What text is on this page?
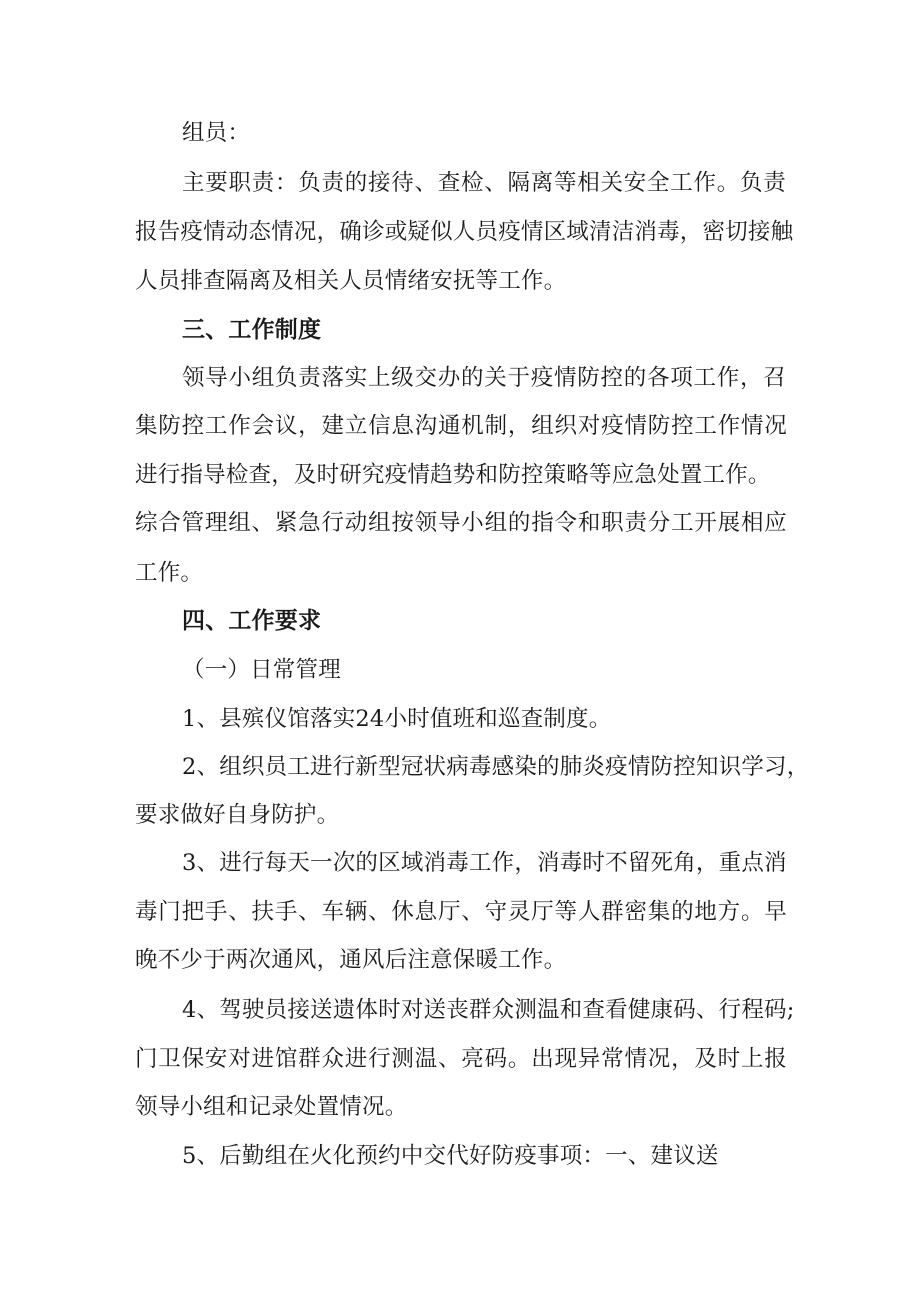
组员：
主要职责：负责的接待、查检、隔离等相关安全工作。负责
报告疫情动态情况，确诊或疑似人员疫情区域清洁消毒，密切接触
人员排查隔离及相关人员情绪安抚等工作。
三、工作制度
领导小组负责落实上级交办的关于疫情防控的各项工作，召
集防控工作会议，建立信息沟通机制，组织对疫情防控工作情况
进行指导检查，及时研究疫情趋势和防控策略等应急处置工作。
综合管理组、紧急行动组按领导小组的指令和职责分工开展相应
工作。
四、工作要求
（一）日常管理
1、县殡仪馆落实24小时值班和巡查制度。
2、组织员工进行新型冠状病毒感染的肺炎疫情防控知识学习，
要求做好自身防护。
3、进行每天一次的区域消毒工作，消毒时不留死角，重点消
毒门把手、扶手、车辆、休息厅、守灵厅等人群密集的地方。早
晚不少于两次通风，通风后注意保暖工作。
4、驾驶员接送遗体时对送丧群众测温和查看健康码、行程码;
门卫保安对进馆群众进行测温、亮码。出现异常情况，及时上报
领导小组和记录处置情况。
5、后勤组在火化预约中交代好防疫事项：一、建议送
